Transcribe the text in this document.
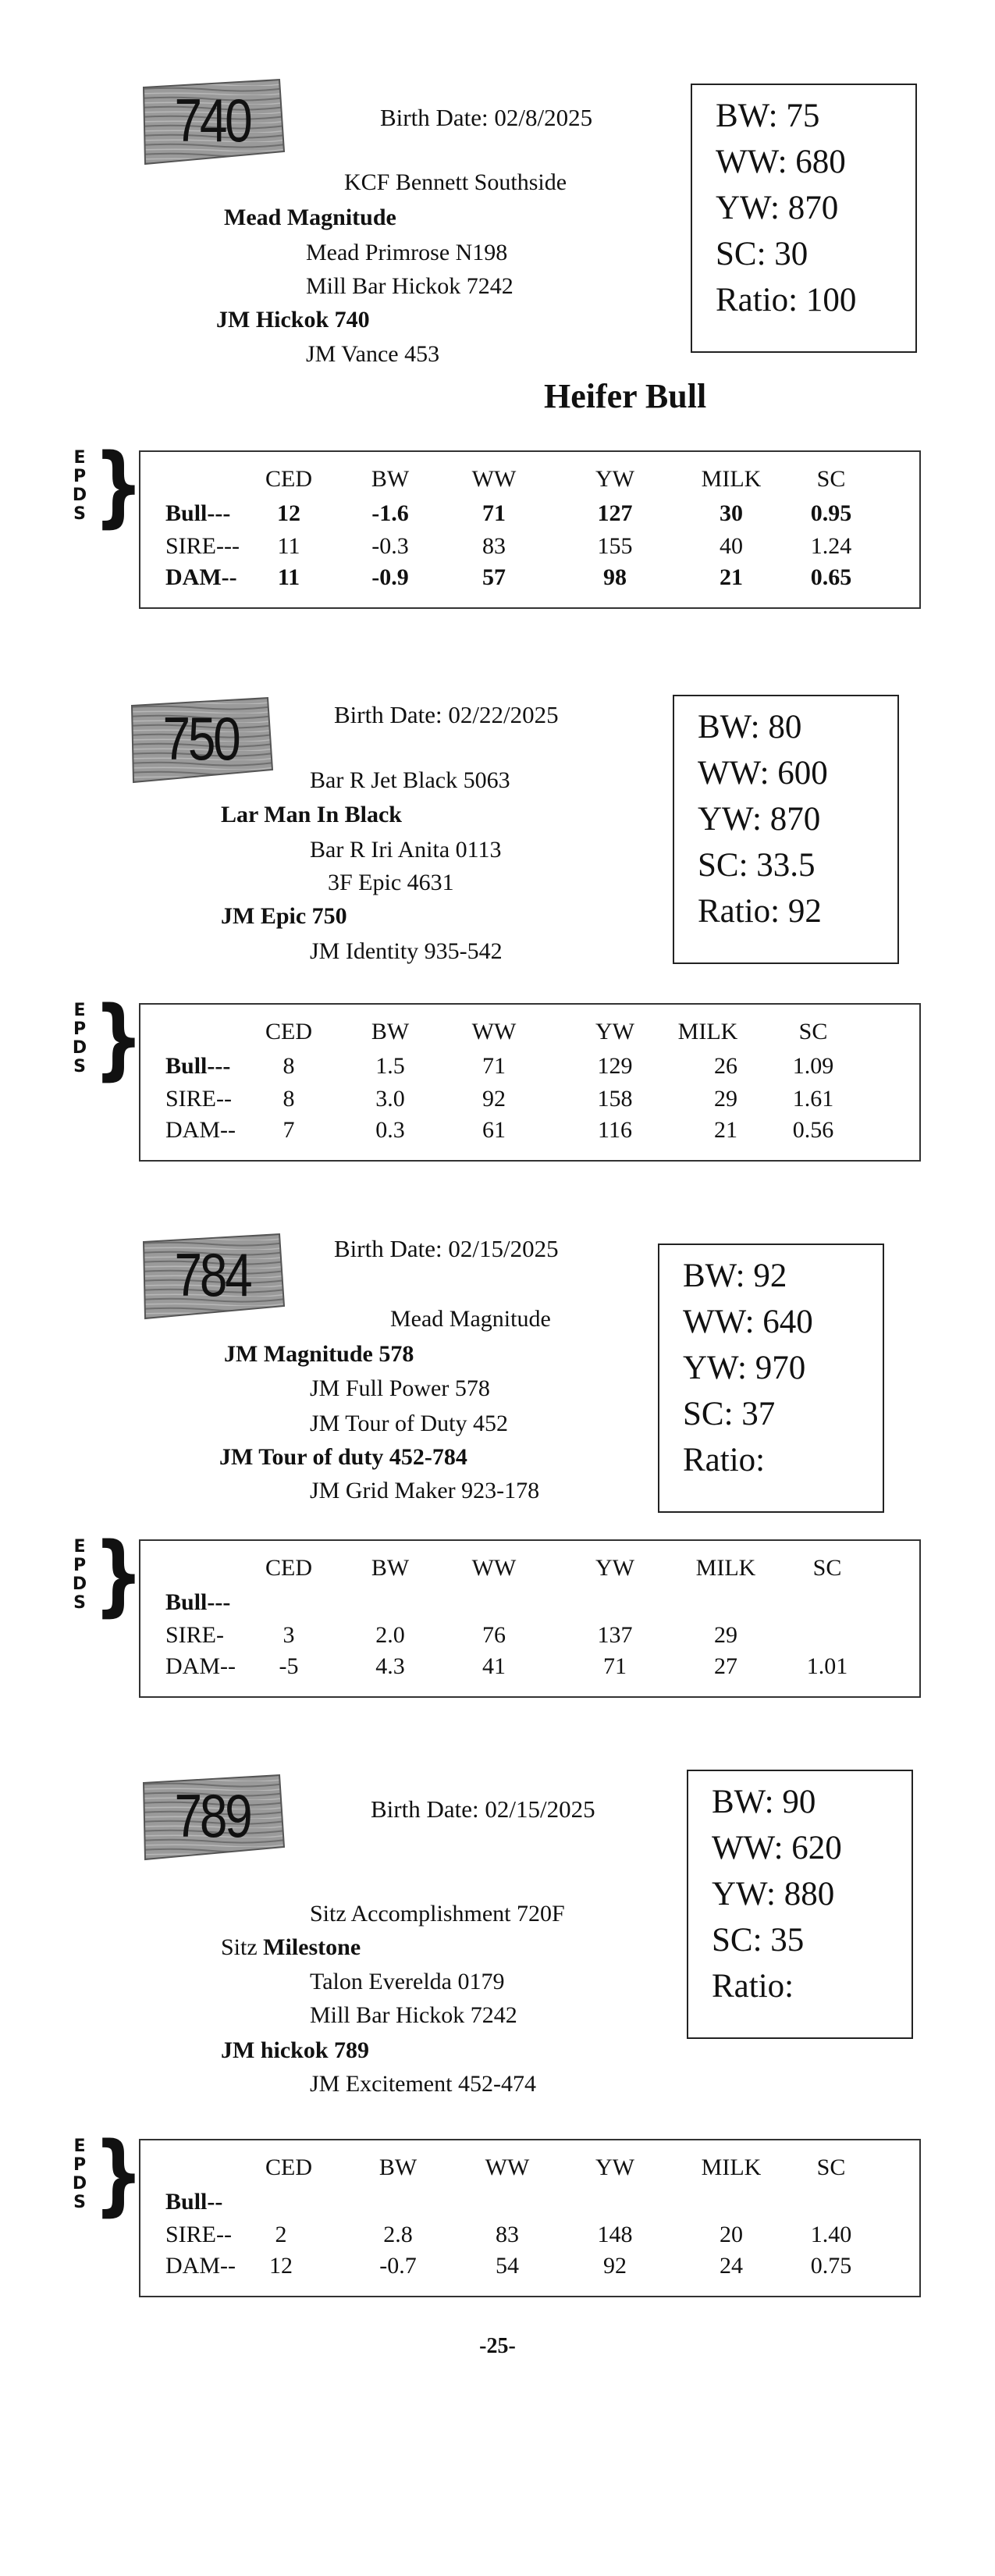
740	Birth Date: 02/8/2025
KCF Bennett Southside
Mead Magnitude
Mead Primrose N198
Mill Bar Hickok 7242
JM Hickok 740
JM Vance 453
BW: 75
WW: 680
YW: 870
SC: 30
Ratio: 100
Heifer Bull
E
P
D
S }	CED	BW	WW	YW	MILK SC
Bull--- 12	-1.6	71	127	30	0.95
SIRE--- 11	-0.3	83	155	40	1.24
DAM-- 11	-0.9	57	98	21	0.65
750	Birth Date: 02/22/2025
Bar R Jet Black 5063
Lar Man In Black
Bar R Iri Anita 0113
3F Epic 4631
JM Epic 750
JM Identity 935-542
BW: 80
WW: 600
YW: 870
SC: 33.5
Ratio: 92
E
P
D
S }	CED	BW	WW	YW MILK	SC
Bull--- 8	1.5	71	129	26 1.09
SIRE-- 8	3.0	92	158	29 1.61
DAM-- 7	0.3	61	116	21 0.56
784	Birth Date: 02/15/2025
Mead Magnitude
JM Magnitude 578
JM Full Power 578
JM Tour of Duty 452
JM Tour of duty 452-784
JM Grid Maker 923-178
BW: 92
WW: 640
YW: 970
SC: 37
Ratio:
E
P
D
S }	CED	BW	WW	YW	MILK SC
Bull---
SIRE-	3	2.0	76	137	29
DAM-- -5	4.3	41	71	27	1.01
789	Birth Date: 02/15/2025
Sitz Accomplishment 720F
Sitz Milestone
Talon Everelda 0179
Mill Bar Hickok 7242
JM hickok 789
JM Excitement 452-474
BW: 90
WW: 620
YW: 880
SC: 35
Ratio:
E
P
D
S }	CED	BW	WW	YW	MILK SC
Bull--
SIRE-- 2	2.8	83	148	20	1.40
DAM-- 12	-0.7	54	92	24	0.75
-25-
